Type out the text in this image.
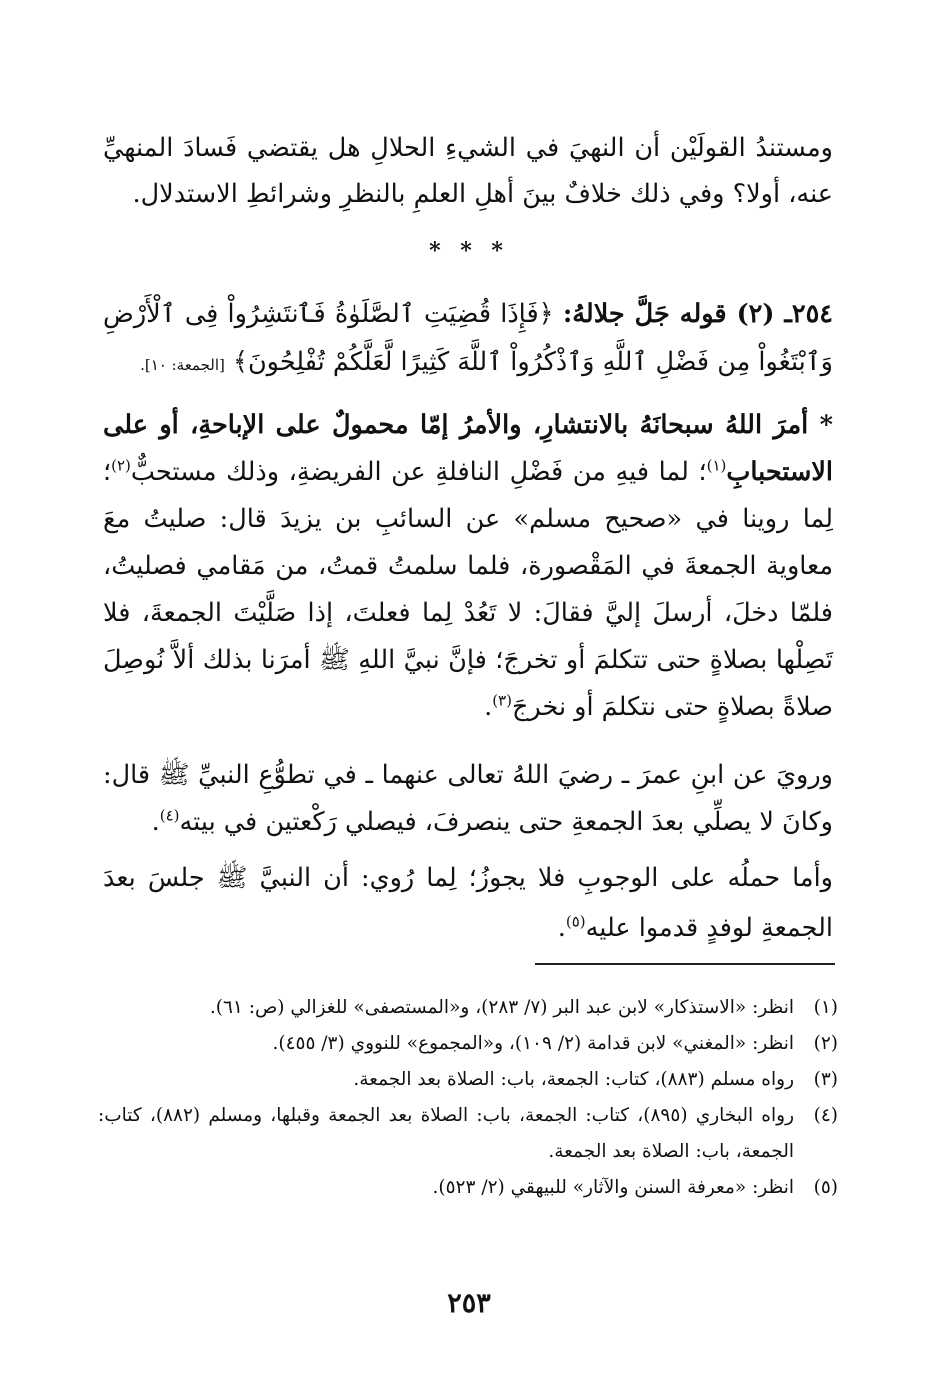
ومستندُ القولَيْن أن النهيَ في الشيءِ الحلالِ هل يقتضي فَسادَ المنهيِّ عنه، أولا؟ وفي ذلك خلافٌ بينَ أهلِ العلمِ بالنظرِ وشرائطِ الاستدلال.

* * *

٢٥٤ـ (٢) قوله جَلَّ جلالهُ: ﴿فَإِذَا قُضِيَتِ ٱلصَّلَوٰةُ فَٱنتَشِرُواْ فِى ٱلْأَرْضِ وَٱبْتَغُواْ مِن فَضْلِ ٱللَّهِ وَٱذْكُرُواْ ٱللَّهَ كَثِيرًا لَّعَلَّكُمْ تُفْلِحُونَ﴾ [الجمعة: ١٠].

* أمرَ اللهُ سبحانَهُ بالانتشارِ، والأمرُ إمّا محمولٌ على الإباحةِ، أو على الاستحبابِ$^{(١)}$؛ لما فيهِ من فَضْلِ النافلةِ عن الفريضةِ، وذلك مستحبٌّ$^{(٢)}$؛ لِما روينا في «صحيح مسلم» عن السائبِ بن يزيدَ قال: صليتُ معَ معاوية الجمعةَ في المَقْصورة، فلما سلمتُ قمتُ، من مَقامي فصليتُ، فلمّا دخلَ، أرسلَ إليَّ فقالَ: لا تَعُدْ لِما فعلتَ، إذا صَلَّيْتَ الجمعةَ، فلا تَصِلْها بصلاةٍ حتى تتكلمَ أو تخرجَ؛ فإنَّ نبيَّ اللهِ ﷺ أمرَنا بذلك ألاَّ نُوصِلَ صلاةً بصلاةٍ حتى نتكلمَ أو نخرجَ$^{(٣)}$.

ورويَ عن ابنِ عمرَ ـ رضيَ اللهُ تعالى عنهما ـ في تطوُّعِ النبيِّ ﷺ قال: وكانَ لا يصلِّي بعدَ الجمعةِ حتى ينصرفَ، فيصلي رَكْعتين في بيته$^{(٤)}$.

وأما حملُه على الوجوبِ فلا يجوزُ؛ لِما رُوي: أن النبيَّ ﷺ جلسَ بعدَ الجمعةِ لوفدٍ قدموا عليه$^{(٥)}$.

(١)
انظر: «الاستذكار» لابن عبد البر (٧/ ٢٨٣)، و«المستصفى» للغزالي (ص: ٦١).
(٢)
انظر: «المغني» لابن قدامة (٢/ ١٠٩)، و«المجموع» للنووي (٣/ ٤٥٥).
(٣)
رواه مسلم (٨٨٣)، كتاب: الجمعة، باب: الصلاة بعد الجمعة.
(٤)
رواه البخاري (٨٩٥)، كتاب: الجمعة، باب: الصلاة بعد الجمعة وقبلها، ومسلم (٨٨٢)، كتاب: الجمعة، باب: الصلاة بعد الجمعة.
(٥)
انظر: «معرفة السنن والآثار» للبيهقي (٢/ ٥٢٣).
٢٥٣
